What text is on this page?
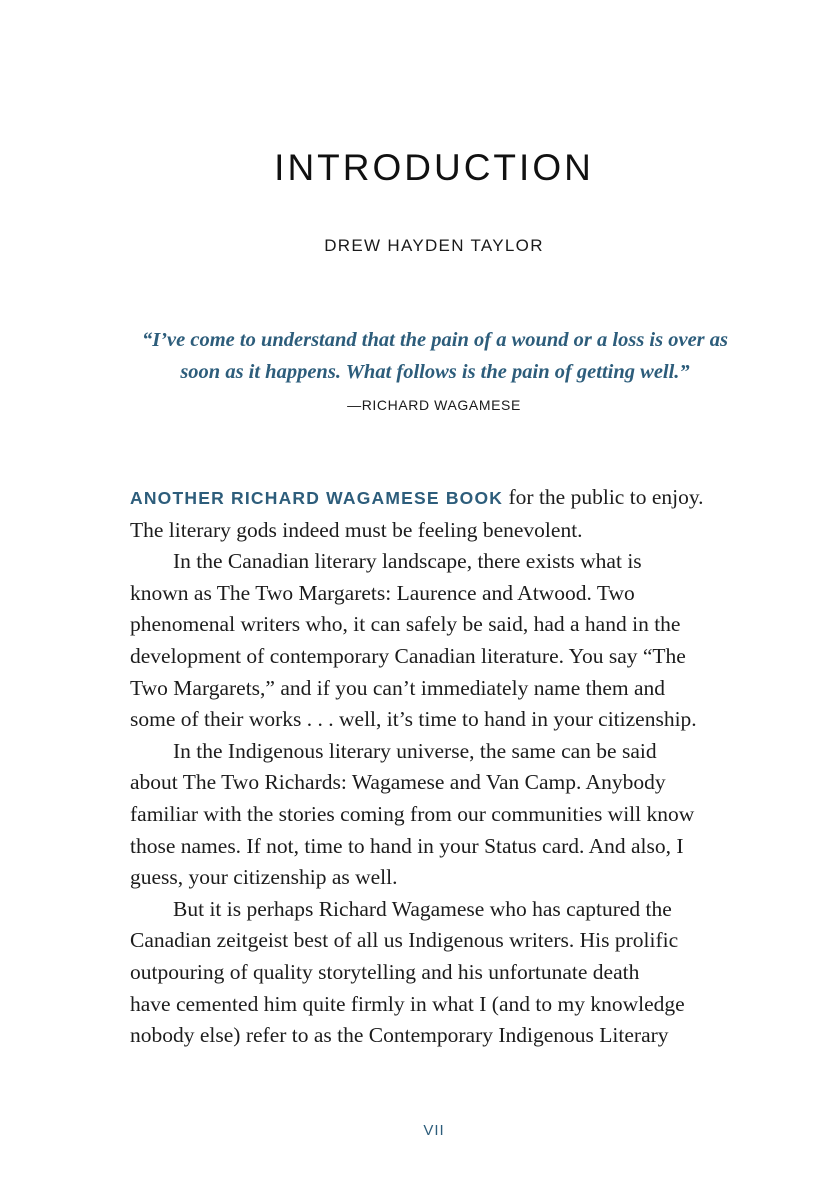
INTRODUCTION
DREW HAYDEN TAYLOR
“I’ve come to understand that the pain of a wound or a loss is over as
soon as it happens. What follows is the pain of getting well.”
—RICHARD WAGAMESE
ANOTHER RICHARD WAGAMESE BOOK for the public to enjoy.
The literary gods indeed must be feeling benevolent.
In the Canadian literary landscape, there exists what is
known as The Two Margarets: Laurence and Atwood. Two
phenomenal writers who, it can safely be said, had a hand in the
development of contemporary Canadian literature. You say “The
Two Margarets,” and if you can’t immediately name them and
some of their works . . . well, it’s time to hand in your citizenship.
In the Indigenous literary universe, the same can be said
about The Two Richards: Wagamese and Van Camp. Anybody
familiar with the stories coming from our communities will know
those names. If not, time to hand in your Status card. And also, I
guess, your citizenship as well.
But it is perhaps Richard Wagamese who has captured the
Canadian zeitgeist best of all us Indigenous writers. His prolific
outpouring of quality storytelling and his unfortunate death
have cemented him quite firmly in what I (and to my knowledge
nobody else) refer to as the Contemporary Indigenous Literary
VII
